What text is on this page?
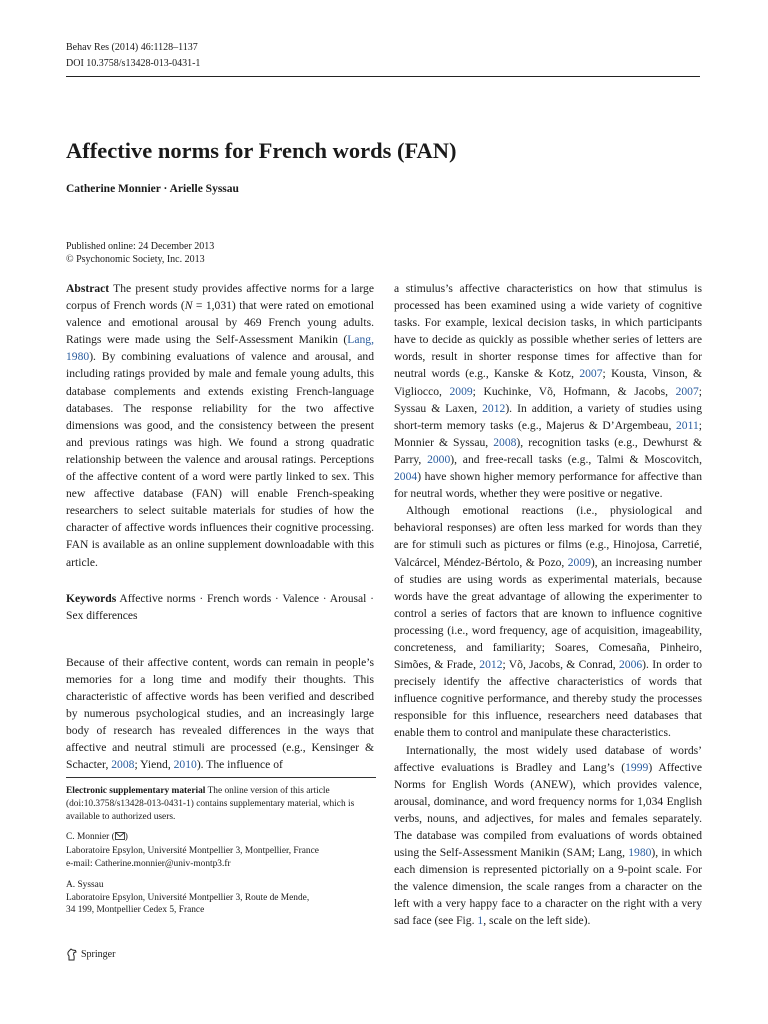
Behav Res (2014) 46:1128–1137
DOI 10.3758/s13428-013-0431-1
Affective norms for French words (FAN)
Catherine Monnier · Arielle Syssau
Published online: 24 December 2013
© Psychonomic Society, Inc. 2013

Abstract The present study provides affective norms for a large corpus of French words (N = 1,031) that were rated on emotional valence and emotional arousal by 469 French young adults. Ratings were made using the Self-Assessment Manikin (Lang, 1980). By combining evaluations of valence and arousal, and including ratings provided by male and female young adults, this database complements and extends existing French-language databases. The response reliability for the two affective dimensions was good, and the consistency between the present and previous ratings was high. We found a strong quadratic relationship between the valence and arousal ratings. Perceptions of the affective content of a word were partly linked to sex. This new affective database (FAN) will enable French-speaking researchers to select suitable materials for studies of how the character of affective words influences their cognitive processing. FAN is available as an online supplement downloadable with this article.

Keywords Affective norms · French words · Valence · Arousal · Sex differences

Because of their affective content, words can remain in people’s memories for a long time and modify their thoughts. This characteristic of affective words has been verified and described by numerous psychological studies, and an increasingly large body of research has revealed differences in the ways that affective and neutral stimuli are processed (e.g., Kensinger & Schacter, 2008; Yiend, 2010). The influence of

a stimulus’s affective characteristics on how that stimulus is processed has been examined using a wide variety of cognitive tasks. For example, lexical decision tasks, in which participants have to decide as quickly as possible whether series of letters are words, result in shorter response times for affective than for neutral words (e.g., Kanske & Kotz, 2007; Kousta, Vinson, & Vigliocco, 2009; Kuchinke, Võ, Hofmann, & Jacobs, 2007; Syssau & Laxen, 2012). In addition, a variety of studies using short-term memory tasks (e.g., Majerus & D’Argembeau, 2011; Monnier & Syssau, 2008), recognition tasks (e.g., Dewhurst & Parry, 2000), and free-recall tasks (e.g., Talmi & Moscovitch, 2004) have shown higher memory performance for affective than for neutral words, whether they were positive or negative.

Although emotional reactions (i.e., physiological and behavioral responses) are often less marked for words than they are for stimuli such as pictures or films (e.g., Hinojosa, Carretié, Valcárcel, Méndez-Bértolo, & Pozo, 2009), an increasing number of studies are using words as experimental materials, because words have the great advantage of allowing the experimenter to control a series of factors that are known to influence cognitive processing (i.e., word frequency, age of acquisition, imageability, concreteness, and familiarity; Soares, Comesaña, Pinheiro, Simões, & Frade, 2012; Võ, Jacobs, & Conrad, 2006). In order to precisely identify the affective characteristics of words that influence cognitive performance, and thereby study the processes responsible for this influence, researchers need databases that enable them to control and manipulate these characteristics.

Internationally, the most widely used database of words’ affective evaluations is Bradley and Lang’s (1999) Affective Norms for English Words (ANEW), which provides valence, arousal, dominance, and word frequency norms for 1,034 English verbs, nouns, and adjectives, for males and females separately. The database was compiled from evaluations of words obtained using the Self-Assessment Manikin (SAM; Lang, 1980), in which each dimension is represented pictorially on a 9-point scale. For the valence dimension, the scale ranges from a character on the left with a very happy face to a character on the right with a very sad face (see Fig. 1, scale on the left side).

Electronic supplementary material The online version of this article (doi:10.3758/s13428-013-0431-1) contains supplementary material, which is available to authorized users.

C. Monnier ( )
Laboratoire Epsylon, Université Montpellier 3, Montpellier, France
e-mail: Catherine.monnier@univ-montp3.fr

A. Syssau
Laboratoire Epsylon, Université Montpellier 3, Route de Mende,
34 199, Montpellier Cedex 5, France

Springer
